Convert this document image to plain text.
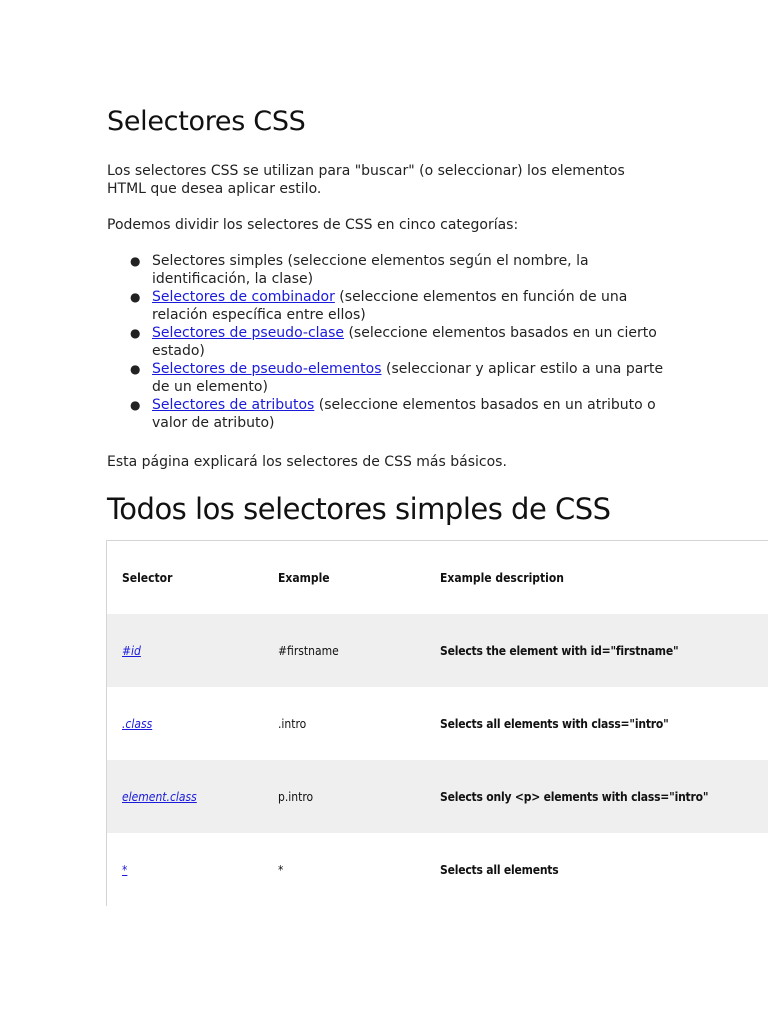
Selectores CSS

Los selectores CSS se utilizan para "buscar" (o seleccionar) los elementos HTML que desea aplicar estilo.

Podemos dividir los selectores de CSS en cinco categorías:

● Selectores simples (seleccione elementos según el nombre, la identificación, la clase)
● Selectores de combinador (seleccione elementos en función de una relación específica entre ellos)
● Selectores de pseudo-clase (seleccione elementos basados en un cierto estado)
● Selectores de pseudo-elementos (seleccionar y aplicar estilo a una parte de un elemento)
● Selectores de atributos (seleccione elementos basados en un atributo o valor de atributo)

Esta página explicará los selectores de CSS más básicos.

Todos los selectores simples de CSS
Selector	Example	Example description
#id	#firstname	Selects the element with id="firstname"
.class	.intro	Selects all elements with class="intro"
element.class	p.intro	Selects only <p> elements with class="intro"
*	*	Selects all elements
